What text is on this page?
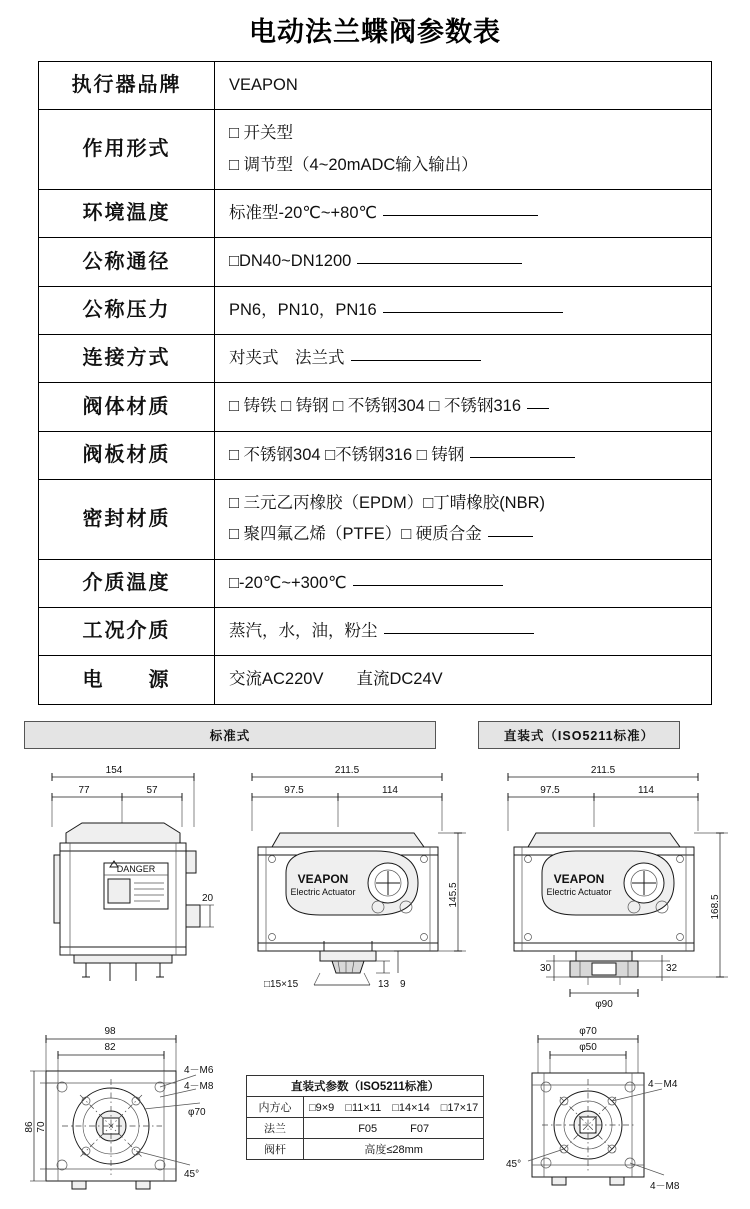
电动法兰蝶阀参数表
执行器品牌	VEAPON

作用形式	□ 开关型
□ 调节型（4~20mADC输入输出）

环境温度	标准型-20℃~+80℃

公称通径	□DN40~DN1200

公称压力	PN6，PN10，PN16

连接方式	对夹式　法兰式

阀体材质	□ 铸铁 □ 铸钢 □ 不锈钢304 □ 不锈钢316

阀板材质	□ 不锈钢304 □不锈钢316 □ 铸钢

密封材质	□ 三元乙丙橡胶（EPDM）□丁晴橡胶(NBR)
□ 聚四氟乙烯（PTFE）□ 硬质合金

介质温度	□-20℃~+300℃

工况介质	蒸汽，水，油，粉尘

电　　源	交流AC220V　　直流DC24V
标准式	直装式（ISO5211标准）
154
77	57
DANGER
20
211.5
97.5	114
VEAPON
Electric Actuator	145.5
□15×15	13 9
211.5
97.5	114
VEAPON
Electric Actuator
30	32
φ90
168.5
98
82
86 70
4－M6
4－M8
φ70
45°
直装式参数（ISO5211标准）	
内方心	□9×9　□11×11　□14×14　□17×17
法兰	F05　　　F07
阀杆	高度≤28mm
φ70
φ50
4－M4
4－M8
45°
